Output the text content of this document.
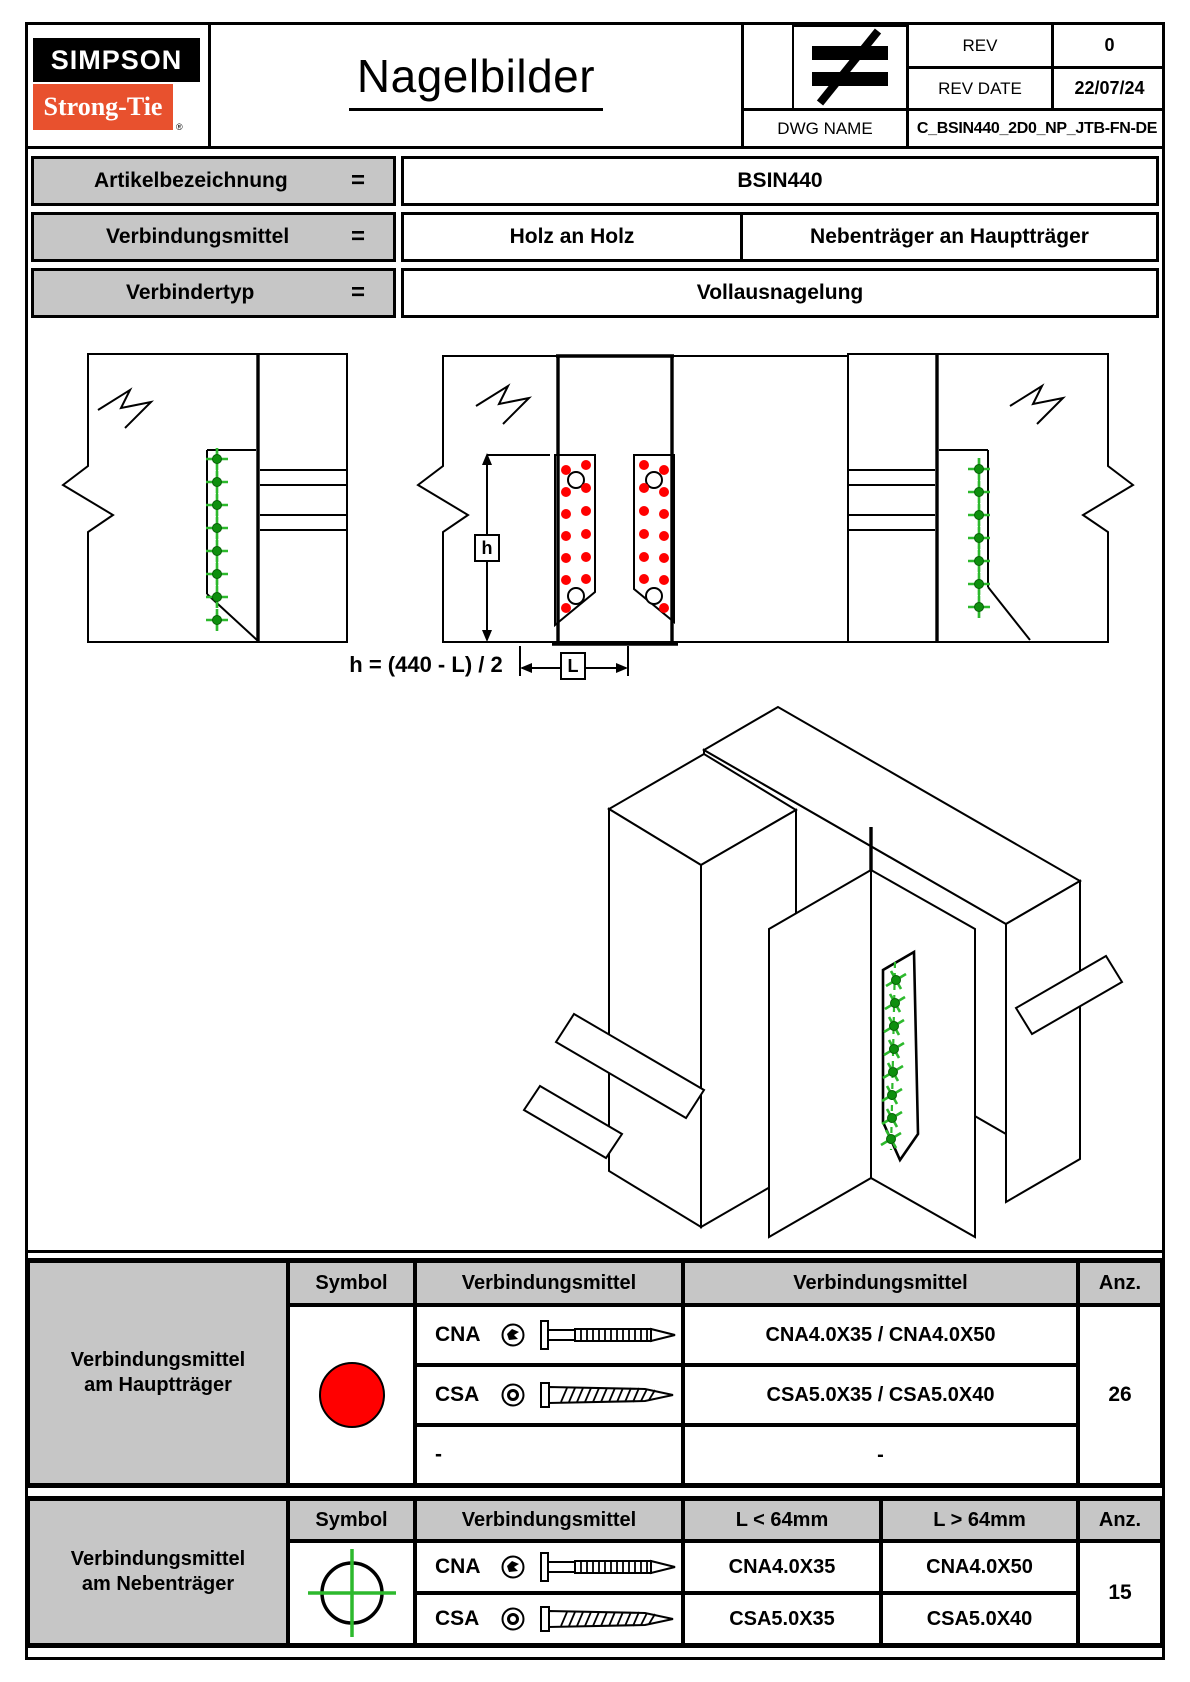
SIMPSON
Strong-Tie
®
Nagelbilder
REV	0
REV DATE	22/07/24
DWG NAME	C_BSIN440_2D0_NP_JTB-FN-DE
Artikelbezeichnung	=	BSIN440
Verbindungsmittel	=	Holz an Holz	Nebenträger an Hauptträger
Verbindertyp	=	Vollausnagelung
h = (440 - L) / 2
h
L
Verbindungsmittel
am Hauptträger
Symbol	Verbindungsmittel	Verbindungsmittel	Anz.
CNA	CNA4.0X35 / CNA4.0X50
26
CSA	CSA5.0X35 / CSA5.0X40
-	-
Verbindungsmittel
am Nebenträger
Symbol	Verbindungsmittel	L < 64mm	L > 64mm	Anz.
CNA	CNA4.0X35	CNA4.0X50
15
CSA	CSA5.0X35	CSA5.0X40
